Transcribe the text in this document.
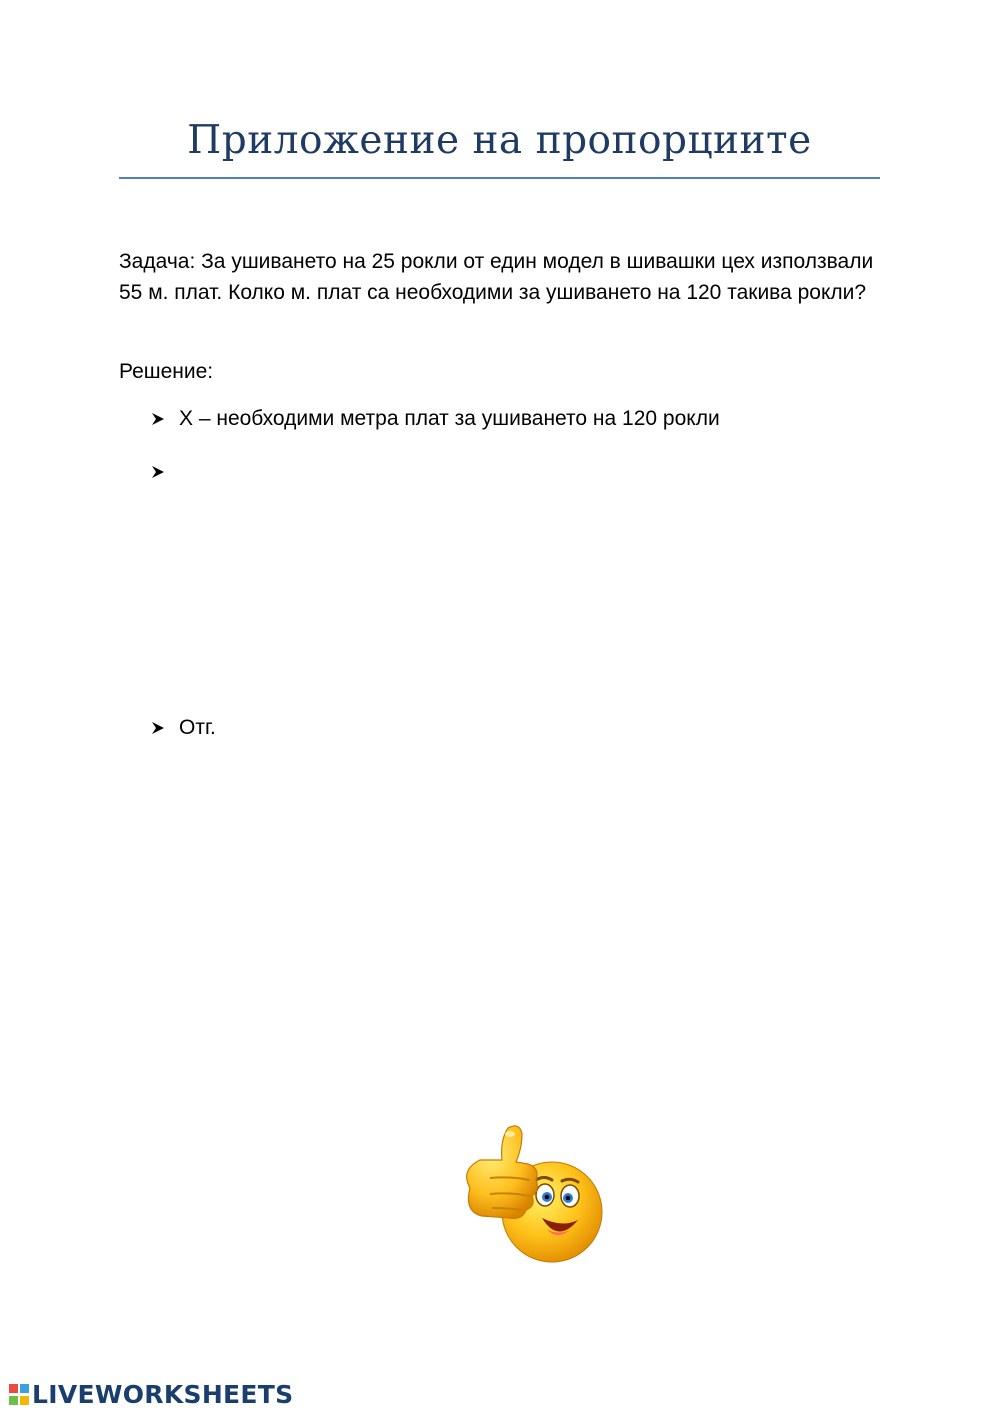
Приложение на пропорциите

Задача: За ушиването на 25 рокли от един модел в шивашки цех използвали 55 м. плат. Колко м. плат са необходими за ушиването на 120 такива рокли?

Решение:

X – необходими метра плат за ушиването на 120 рокли
Отг.
LIVEWORKSHEETS
